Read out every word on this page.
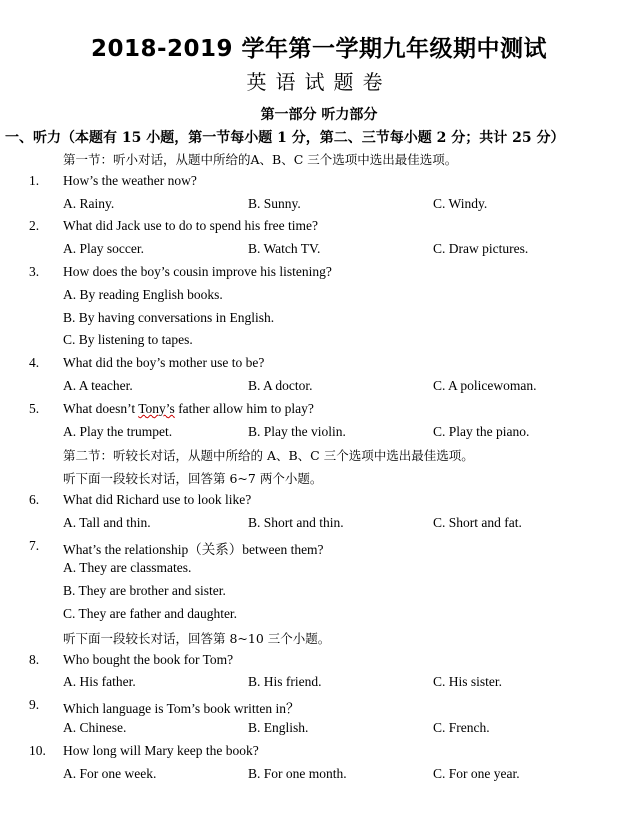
2018-2019 学年第一学期九年级期中测试
英语试题卷
第一部分 听力部分
一、听力（本题有 15 小题，第一节每小题 1 分，第二、三节每小题 2 分；共计 25 分）
第一节：听小对话，从题中所给的A、B、C 三个选项中选出最佳选项。
1. How’s the weather now?
A. Rainy.	B. Sunny.	C. Windy.
2. What did Jack use to do to spend his free time?
A. Play soccer.	B. Watch TV.	C. Draw pictures.
3. How does the boy’s cousin improve his listening?
A. By reading English books.
B. By having conversations in English.
C. By listening to tapes.
4. What did the boy’s mother use to be?
A. A teacher.	B. A doctor.	C. A policewoman.
5. What doesn’t Tony’s father allow him to play?
A. Play the trumpet.	B. Play the violin.	C. Play the piano.
第二节：听较长对话，从题中所给的 A、B、C 三个选项中选出最佳选项。
听下面一段较长对话，回答第 6~7 两个小题。
6. What did Richard use to look like?
A. Tall and thin.	B. Short and thin.	C. Short and fat.
7. What’s the relationship（关系）between them?
A. They are classmates.
B. They are brother and sister.
C. They are father and daughter.
听下面一段较长对话，回答第 8~10 三个小题。
8. Who bought the book for Tom?
A. His father.	B. His friend.	C. His sister.
9. Which language is Tom’s book written in？
A. Chinese.	B. English.	C. French.
10. How long will Mary keep the book?
A. For one week.	B. For one month.	C. For one year.
